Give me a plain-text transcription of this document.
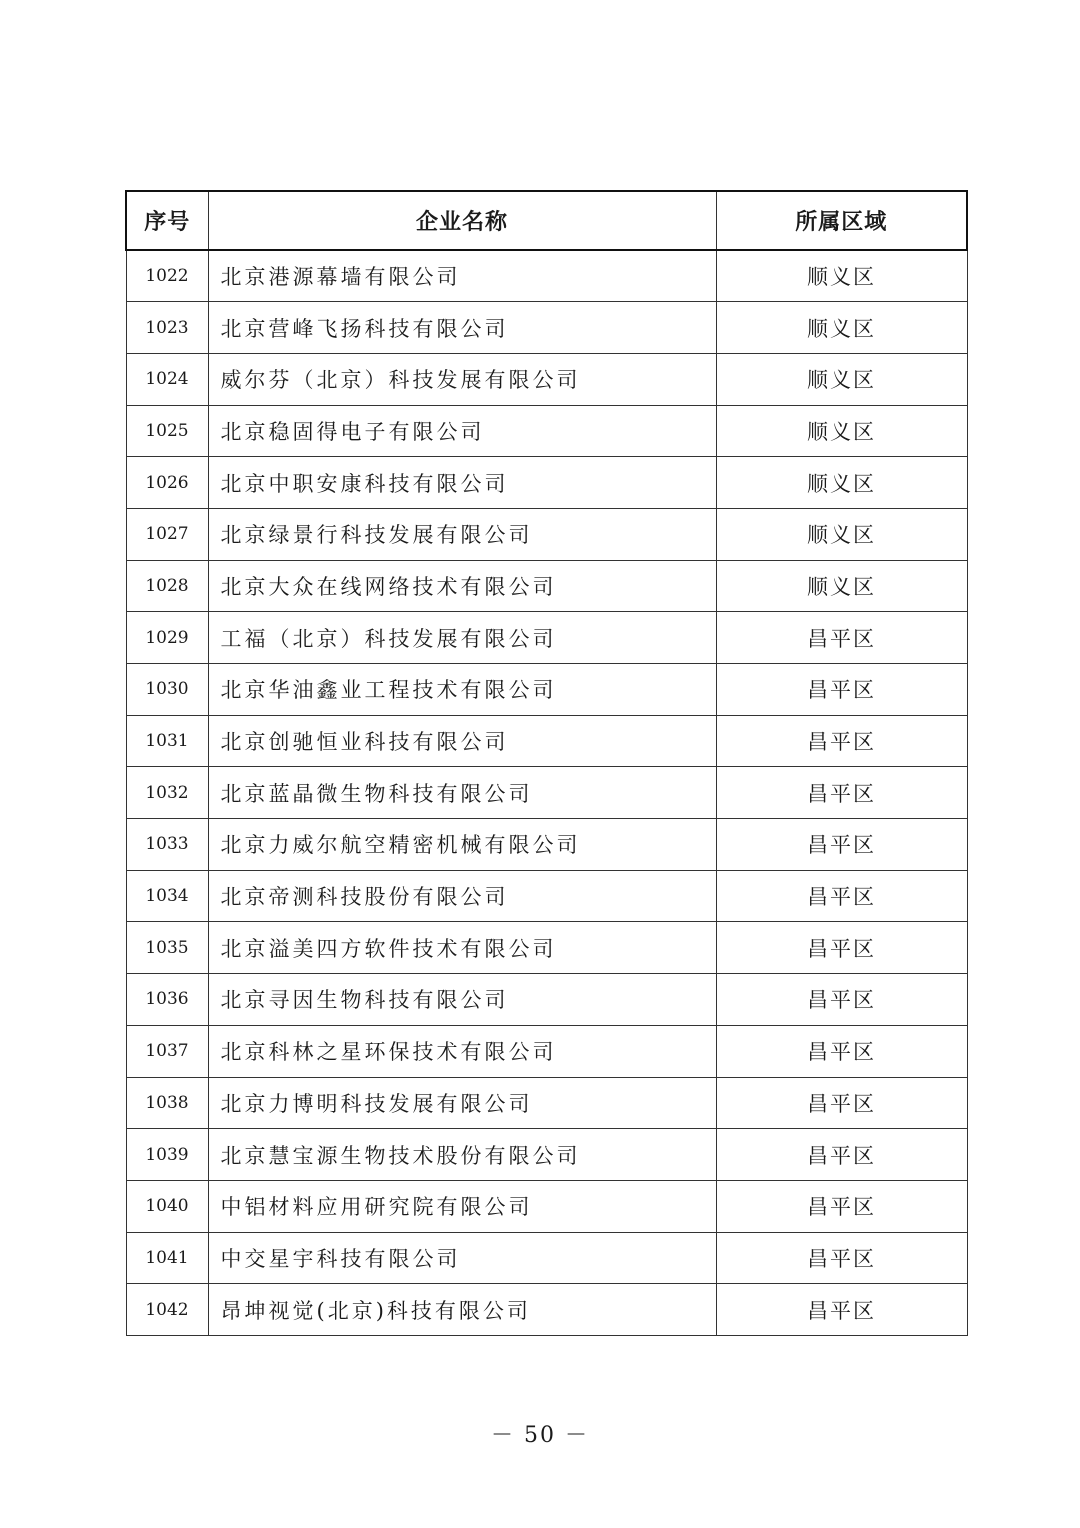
序号	企业名称	所属区域
1022	北京港源幕墙有限公司	顺义区
1023	北京营峰飞扬科技有限公司	顺义区
1024	威尔芬（北京）科技发展有限公司	顺义区
1025	北京稳固得电子有限公司	顺义区
1026	北京中职安康科技有限公司	顺义区
1027	北京绿景行科技发展有限公司	顺义区
1028	北京大众在线网络技术有限公司	顺义区
1029	工福（北京）科技发展有限公司	昌平区
1030	北京华油鑫业工程技术有限公司	昌平区
1031	北京创驰恒业科技有限公司	昌平区
1032	北京蓝晶微生物科技有限公司	昌平区
1033	北京力威尔航空精密机械有限公司	昌平区
1034	北京帝测科技股份有限公司	昌平区
1035	北京溢美四方软件技术有限公司	昌平区
1036	北京寻因生物科技有限公司	昌平区
1037	北京科林之星环保技术有限公司	昌平区
1038	北京力博明科技发展有限公司	昌平区
1039	北京慧宝源生物技术股份有限公司	昌平区
1040	中铝材料应用研究院有限公司	昌平区
1041	中交星宇科技有限公司	昌平区
1042	昂坤视觉(北京)科技有限公司	昌平区
－ 50 －
